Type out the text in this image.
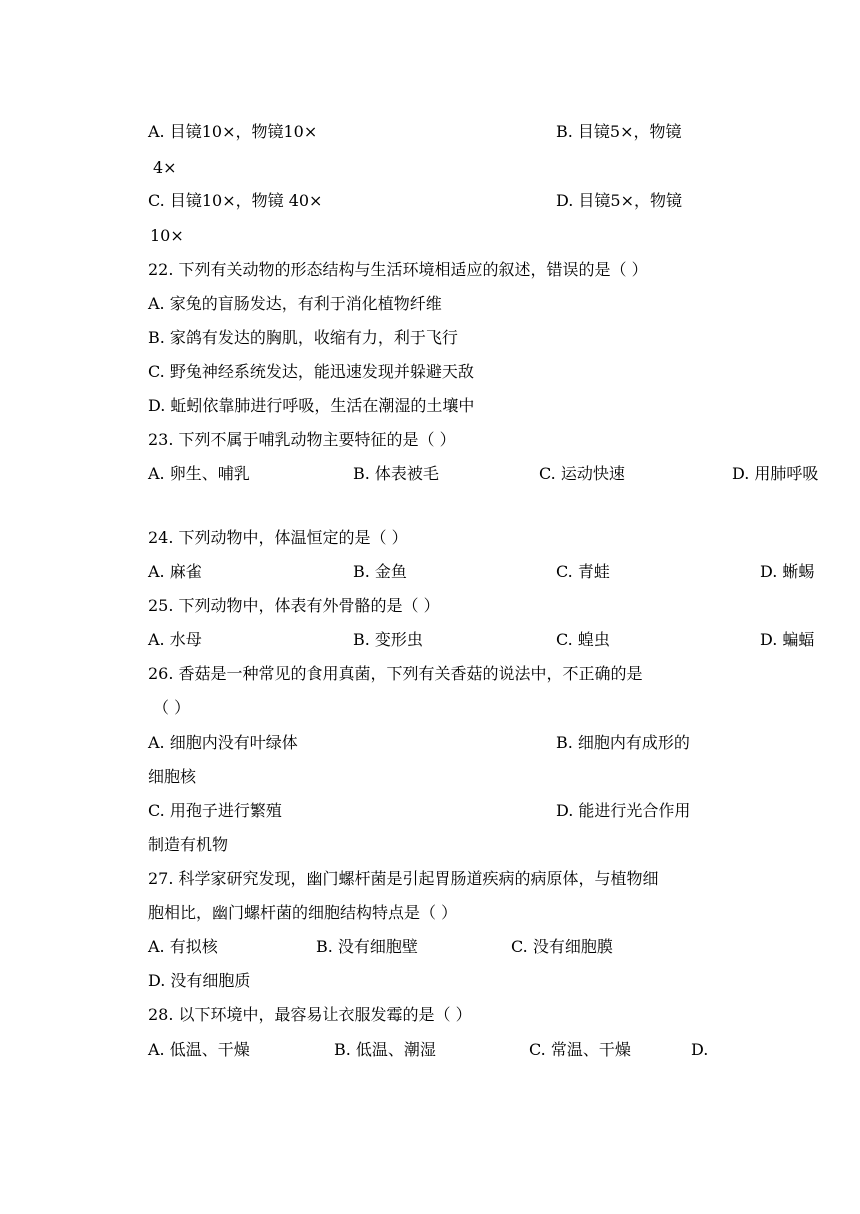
A. 目镜10×，物镜10×	B. 目镜5×，物镜
4×
C. 目镜10×，物镜 40×	D. 目镜5×，物镜
10×
22. 下列有关动物的形态结构与生活环境相适应的叙述，错误的是（ ）
A. 家兔的盲肠发达，有利于消化植物纤维
B. 家鸽有发达的胸肌，收缩有力，利于飞行
C. 野兔神经系统发达，能迅速发现并躲避天敌
D. 蚯蚓依靠肺进行呼吸，生活在潮湿的土壤中
23. 下列不属于哺乳动物主要特征的是（ ）
A. 卵生、哺乳	B. 体表被毛	C. 运动快速	D. 用肺呼吸
24. 下列动物中，体温恒定的是（ ）
A. 麻雀	B. 金鱼	C. 青蛙	D. 蜥蜴
25. 下列动物中，体表有外骨骼的是（ ）
A. 水母	B. 变形虫	C. 蝗虫	D. 蝙蝠
26. 香菇是一种常见的食用真菌，下列有关香菇的说法中，不正确的是
（ ）
A. 细胞内没有叶绿体	B. 细胞内有成形的
细胞核
C. 用孢子进行繁殖	D. 能进行光合作用
制造有机物
27. 科学家研究发现，幽门螺杆菌是引起胃肠道疾病的病原体，与植物细
胞相比，幽门螺杆菌的细胞结构特点是（ ）
A. 有拟核	B. 没有细胞壁	C. 没有细胞膜
D. 没有细胞质
28. 以下环境中，最容易让衣服发霉的是（ ）
A. 低温、干燥	B. 低温、潮湿	C. 常温、干燥	D.
